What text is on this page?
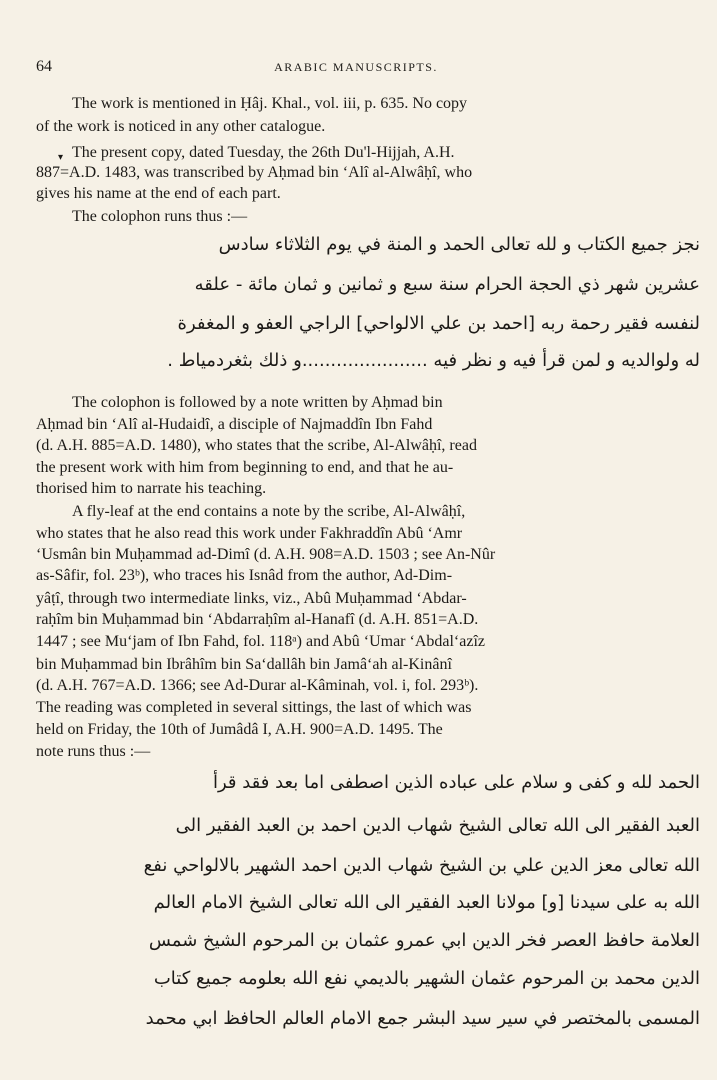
64	ARABIC MANUSCRIPTS.
The work is mentioned in Ḥâj. Khal., vol. iii, p. 635. No copy
of the work is noticed in any other catalogue.
▾ The present copy, dated Tuesday, the 26th Du'l-Hijjah, A.H.
887=A.D. 1483, was transcribed by Aḥmad bin ʻAlî al-Alwâḥî, who
gives his name at the end of each part.
The colophon runs thus :—
نجز جميع الكتاب و لله تعالى الحمد و المنة في يوم الثلاثاء سادس
عشرين شهر ذي الحجة الحرام سنة سبع و ثمانين و ثمان مائة - علقه
لنفسه فقير رحمة ربه [احمد بن علي الالواحي] الراجي العفو و المغفرة
له ولوالديه و لمن قرأ فيه و نظر فيه ......................و ذلك بثغردمياط .
The colophon is followed by a note written by Aḥmad bin
Aḥmad bin ʻAlî al-Hudaidî, a disciple of Najmaddîn Ibn Fahd
(d. A.H. 885=A.D. 1480), who states that the scribe, Al-Alwâḥî, read
the present work with him from beginning to end, and that he au-
thorised him to narrate his teaching.
A fly-leaf at the end contains a note by the scribe, Al-Alwâḥî,
who states that he also read this work under Fakhraddîn Abû ʻAmr
ʻUsmân bin Muḥammad ad-Dimî (d. A.H. 908=A.D. 1503 ; see An-Nûr
as-Sâfir, fol. 23ᵇ), who traces his Isnâd from the author, Ad-Dim-
yâṭî, through two intermediate links, viz., Abû Muḥammad ʻAbdar-
raḥîm bin Muḥammad bin ʻAbdarraḥîm al-Hanafî (d. A.H. 851=A.D.
1447 ; see Muʻjam of Ibn Fahd, fol. 118ᵃ) and Abû ʻUmar ʻAbdalʻazîz
bin Muḥammad bin Ibrâhîm bin Saʻdallâh bin Jamâʻah al-Kinânî
(d. A.H. 767=A.D. 1366; see Ad-Durar al-Kâminah, vol. i, fol. 293ᵇ).
The reading was completed in several sittings, the last of which was
held on Friday, the 10th of Jumâdâ I, A.H. 900=A.D. 1495. The
note runs thus :—
الحمد لله و كفى و سلام على عباده الذين اصطفى اما بعد فقد قرأ
العبد الفقير الى الله تعالى الشيخ شهاب الدين احمد بن العبد الفقير الى
الله تعالى معز الدين علي بن الشيخ شهاب الدين احمد الشهير بالالواحي نفع
الله به على سيدنا [و] مولانا العبد الفقير الى الله تعالى الشيخ الامام العالم
العلامة حافظ العصر فخر الدين ابي عمرو عثمان بن المرحوم الشيخ شمس
الدين محمد بن المرحوم عثمان الشهير بالديمي نفع الله بعلومه جميع كتاب
المسمى بالمختصر في سير سيد البشر جمع الامام العالم الحافظ ابي محمد
